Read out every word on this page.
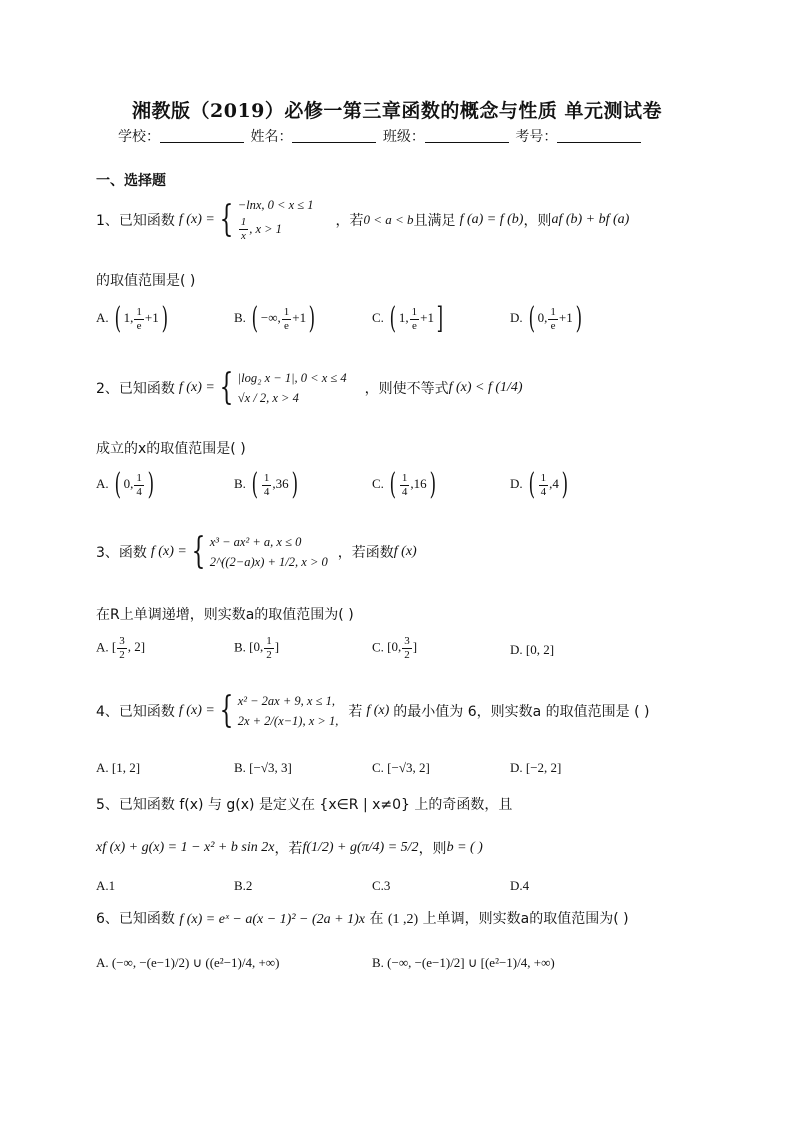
湘教版（2019）必修一第三章函数的概念与性质 单元测试卷
学校：	姓名：	班级：	考号：
一、选择题
1、 已知函数 f (x) = { −lnx, 0 < x ≤ 1
$\frac{1}{x}$ , x > 1	，若 0 < a < b 且满足 f (a) = f (b) ，则 af (b) + bf (a)
的取值范围是( )
A. ( 1, $\frac{1}{e} +1$)	B. ( −∞, $\frac{1}{e} +1$)	C. ( 1, $\frac{1}{e} +1$]	D. ( 0, $\frac{1}{e} +1$)
2、 已知函数 f (x) = { |log₂ x − 1|, 0 < x ≤ 4
√x / 2, x > 4
，则使不等式 f (x) < f (1/4)
成立的x的取值范围是( )
A. ( 0, $\frac{1}{4}$ )	B. ( $\frac{1}{4} ,36$)	C. ( $\frac{1}{4} ,16$)	D. ( $\frac{1}{4} ,4$)
3、 函数 f (x) = { x³ − ax² + a, x ≤ 0
2^((2−a)x) + 1/2, x > 0
，若函数 f (x)
在R上单调递增，则实数a的取值范围为( )
A. [ $\frac{3}{2}$ , 2]	B. [0, $\frac{1}{2}$ ]	C. [0, $\frac{3}{2}$ ]	D. [0, 2]
4、 已知函数 f (x) = { x² − 2ax + 9, x ≤ 1,
2x + 2/(x−1), x > 1,
若 f (x) 的最小值为 6，则实数a 的取值范围是 ( )
A. [1, 2]	B. [−√3, 3]	C. [−√3, 2]	D. [−2, 2]
5、已知函数 f(x) 与 g(x) 是定义在 {x∈R | x≠0} 上的奇函数，且
xf (x) + g(x) = 1 − x² + b sin 2x ，若 f(1/2) + g(π/4) = 5/2 ，则 b = ( )
A.1	B.2	C.3	D.4
6、已知函数 f (x) = eˣ − a(x − 1)² − (2a + 1)x 在 (1 ,2) 上单调，则实数a的取值范围为( )
A. (−∞, −(e−1)/2) ∪ ((e²−1)/4, +∞)	B. (−∞, −(e−1)/2] ∪ [(e²−1)/4, +∞)
